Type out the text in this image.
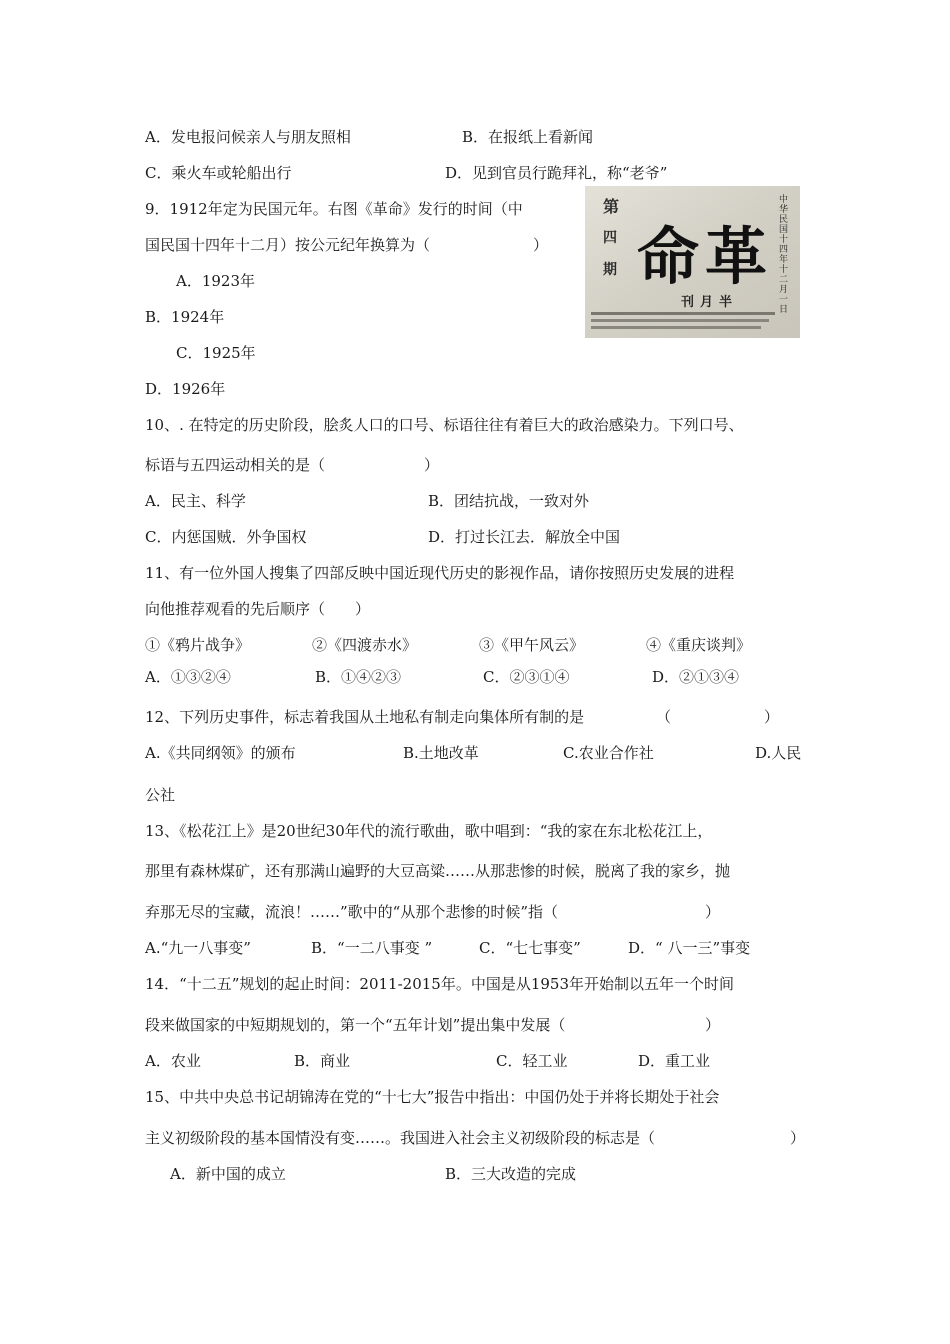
A．发电报问候亲人与朋友照相	B．在报纸上看新闻
C．乘火车或轮船出行	D．见到官员行跪拜礼，称“老爷”
9．1912年定为民国元年。右图《革命》发行的时间（中
国民国十四年十二月）按公元纪年换算为（	）
A．1923年
B．1924年
C．1925年
D．1926年
第
四
期 命 革
刊月半
中
华
民
国
十
四
年
十
二
月
一
日
10、. 在特定的历史阶段，脍炙人口的口号、标语往往有着巨大的政治感染力。下列口号、
标语与五四运动相关的是（	）
A．民主、科学	B．团结抗战，一致对外
C．内惩国贼．外争国权	D．打过长江去．解放全中国
11、有一位外国人搜集了四部反映中国近现代历史的影视作品，请你按照历史发展的进程
向他推荐观看的先后顺序（　　）
①《鸦片战争》	②《四渡赤水》	③《甲午风云》	④《重庆谈判》
A．①③②④	B．①④②③	C．②③①④	D．②①③④
12、下列历史事件，标志着我国从土地私有制走向集体所有制的是	（	）
A.《共同纲领》的颁布	B.土地改革	C.农业合作社	D.人民
公社
13、《松花江上》是20世纪30年代的流行歌曲，歌中唱到：“我的家在东北松花江上，
那里有森林煤矿，还有那满山遍野的大豆高粱……从那悲惨的时候，脱离了我的家乡，抛
弃那无尽的宝藏，流浪！……”歌中的“从那个悲惨的时候”指（	）
A.“九一八事变”	B．“一二八事变 ”	C．“七七事变”	D．“ 八一三”事变
14．“十二五”规划的起止时间：2011-2015年。中国是从1953年开始制以五年一个时间
段来做国家的中短期规划的，第一个“五年计划”提出集中发展（	）
A．农业	B．商业	C．轻工业	D．重工业
15、中共中央总书记胡锦涛在党的“十七大”报告中指出：中国仍处于并将长期处于社会
主义初级阶段的基本国情没有变……。我国进入社会主义初级阶段的标志是（	）
A．新中国的成立	B．三大改造的完成
